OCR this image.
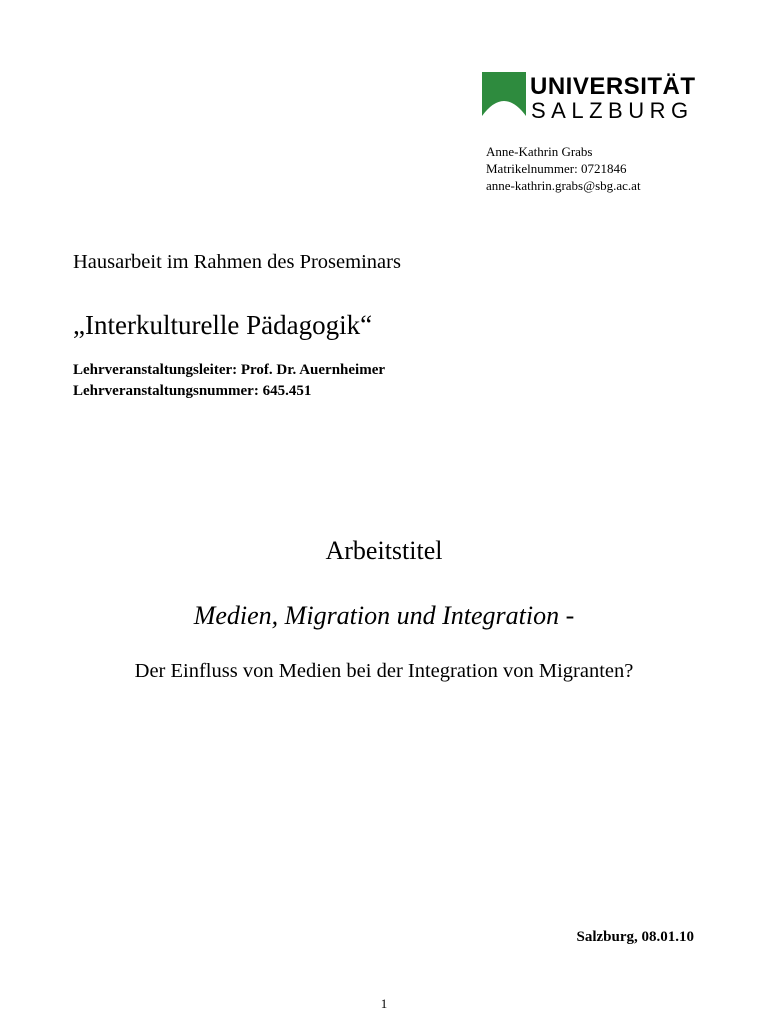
UNIVERSITÄT
SALZBURG
Anne-Kathrin Grabs
Matrikelnummer: 0721846
anne-kathrin.grabs@sbg.ac.at
Hausarbeit im Rahmen des Proseminars
„Interkulturelle Pädagogik“
Lehrveranstaltungsleiter: Prof. Dr. Auernheimer
Lehrveranstaltungsnummer: 645.451
Arbeitstitel
Medien, Migration und Integration -
Der Einfluss von Medien bei der Integration von Migranten?
Salzburg, 08.01.10
1
